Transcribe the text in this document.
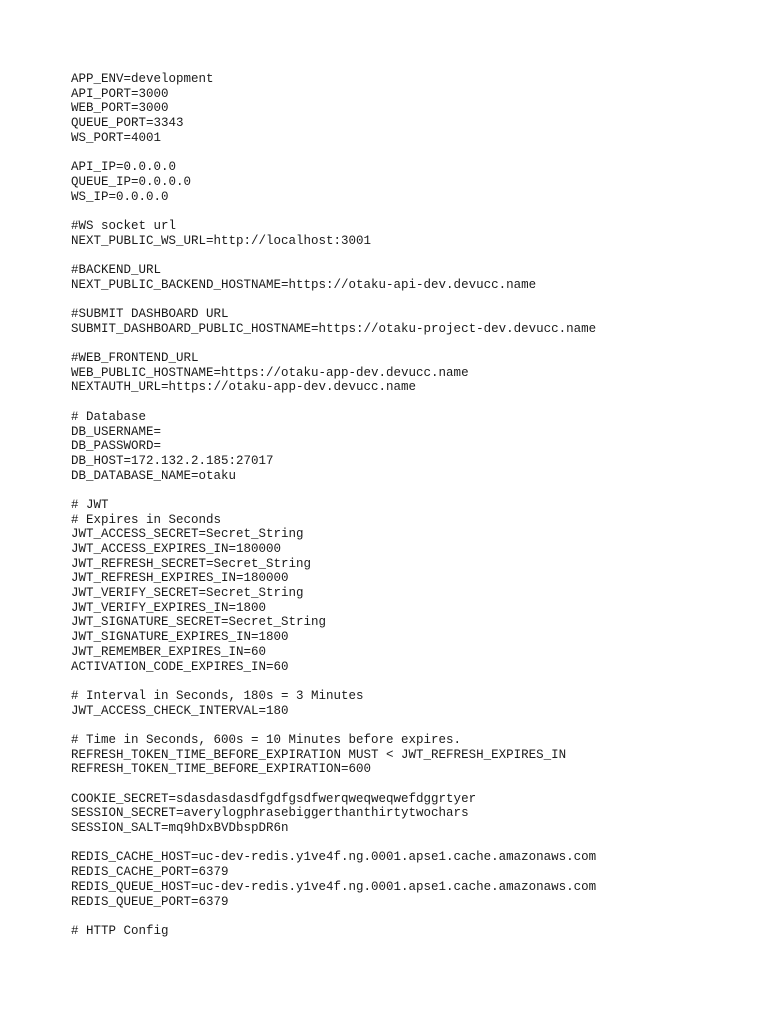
APP_ENV=development
API_PORT=3000
WEB_PORT=3000
QUEUE_PORT=3343
WS_PORT=4001
API_IP=0.0.0.0
QUEUE_IP=0.0.0.0
WS_IP=0.0.0.0
#WS socket url
NEXT_PUBLIC_WS_URL=http://localhost:3001
#BACKEND_URL
NEXT_PUBLIC_BACKEND_HOSTNAME=https://otaku-api-dev.devucc.name
#SUBMIT DASHBOARD URL
SUBMIT_DASHBOARD_PUBLIC_HOSTNAME=https://otaku-project-dev.devucc.name
#WEB_FRONTEND_URL
WEB_PUBLIC_HOSTNAME=https://otaku-app-dev.devucc.name
NEXTAUTH_URL=https://otaku-app-dev.devucc.name
# Database
DB_USERNAME=
DB_PASSWORD=
DB_HOST=172.132.2.185:27017
DB_DATABASE_NAME=otaku
# JWT
# Expires in Seconds
JWT_ACCESS_SECRET=Secret_String
JWT_ACCESS_EXPIRES_IN=180000
JWT_REFRESH_SECRET=Secret_String
JWT_REFRESH_EXPIRES_IN=180000
JWT_VERIFY_SECRET=Secret_String
JWT_VERIFY_EXPIRES_IN=1800
JWT_SIGNATURE_SECRET=Secret_String
JWT_SIGNATURE_EXPIRES_IN=1800
JWT_REMEMBER_EXPIRES_IN=60
ACTIVATION_CODE_EXPIRES_IN=60
# Interval in Seconds, 180s = 3 Minutes
JWT_ACCESS_CHECK_INTERVAL=180
# Time in Seconds, 600s = 10 Minutes before expires.
REFRESH_TOKEN_TIME_BEFORE_EXPIRATION MUST < JWT_REFRESH_EXPIRES_IN
REFRESH_TOKEN_TIME_BEFORE_EXPIRATION=600
COOKIE_SECRET=sdasdasdasdfgdfgsdfwerqweqweqwefdggrtyer
SESSION_SECRET=averylogphrasebiggerthanthirtytwochars
SESSION_SALT=mq9hDxBVDbspDR6n
REDIS_CACHE_HOST=uc-dev-redis.y1ve4f.ng.0001.apse1.cache.amazonaws.com
REDIS_CACHE_PORT=6379
REDIS_QUEUE_HOST=uc-dev-redis.y1ve4f.ng.0001.apse1.cache.amazonaws.com
REDIS_QUEUE_PORT=6379
# HTTP Config
